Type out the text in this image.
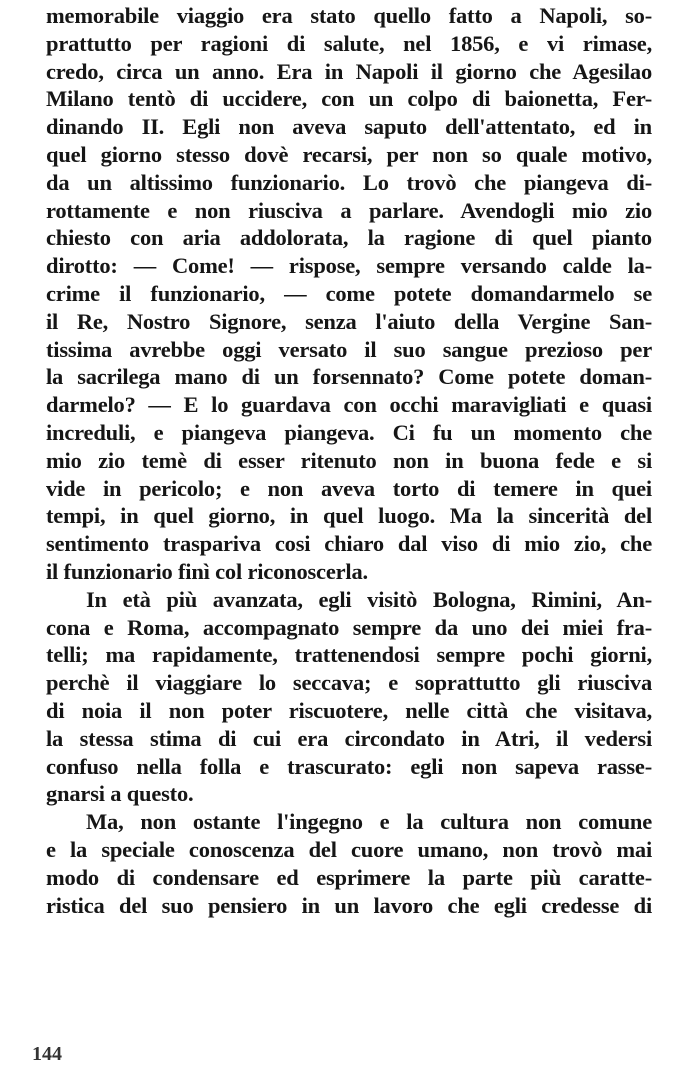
memorabile viaggio era stato quello fatto a Napoli, so-
prattutto per ragioni di salute, nel 1856, e vi rimase,
credo, circa un anno. Era in Napoli il giorno che Agesilao
Milano tentò di uccidere, con un colpo di baionetta, Fer-
dinando II. Egli non aveva saputo dell'attentato, ed in
quel giorno stesso dovè recarsi, per non so quale motivo,
da un altissimo funzionario. Lo trovò che piangeva di-
rottamente e non riusciva a parlare. Avendogli mio zio
chiesto con aria addolorata, la ragione di quel pianto
dirotto: — Come! — rispose, sempre versando calde la-
crime il funzionario, — come potete domandarmelo se
il Re, Nostro Signore, senza l'aiuto della Vergine San-
tissima avrebbe oggi versato il suo sangue prezioso per
la sacrilega mano di un forsennato? Come potete doman-
darmelo? — E lo guardava con occhi maravigliati e quasi
increduli, e piangeva piangeva. Ci fu un momento che
mio zio temè di esser ritenuto non in buona fede e si
vide in pericolo; e non aveva torto di temere in quei
tempi, in quel giorno, in quel luogo. Ma la sincerità del
sentimento traspariva cosi chiaro dal viso di mio zio, che
il funzionario finì col riconoscerla.
In età più avanzata, egli visitò Bologna, Rimini, An-
cona e Roma, accompagnato sempre da uno dei miei fra-
telli; ma rapidamente, trattenendosi sempre pochi giorni,
perchè il viaggiare lo seccava; e soprattutto gli riusciva
di noia il non poter riscuotere, nelle città che visitava,
la stessa stima di cui era circondato in Atri, il vedersi
confuso nella folla e trascurato: egli non sapeva rasse-
gnarsi a questo.
Ma, non ostante l'ingegno e la cultura non comune
e la speciale conoscenza del cuore umano, non trovò mai
modo di condensare ed esprimere la parte più caratte-
ristica del suo pensiero in un lavoro che egli credesse di
144
